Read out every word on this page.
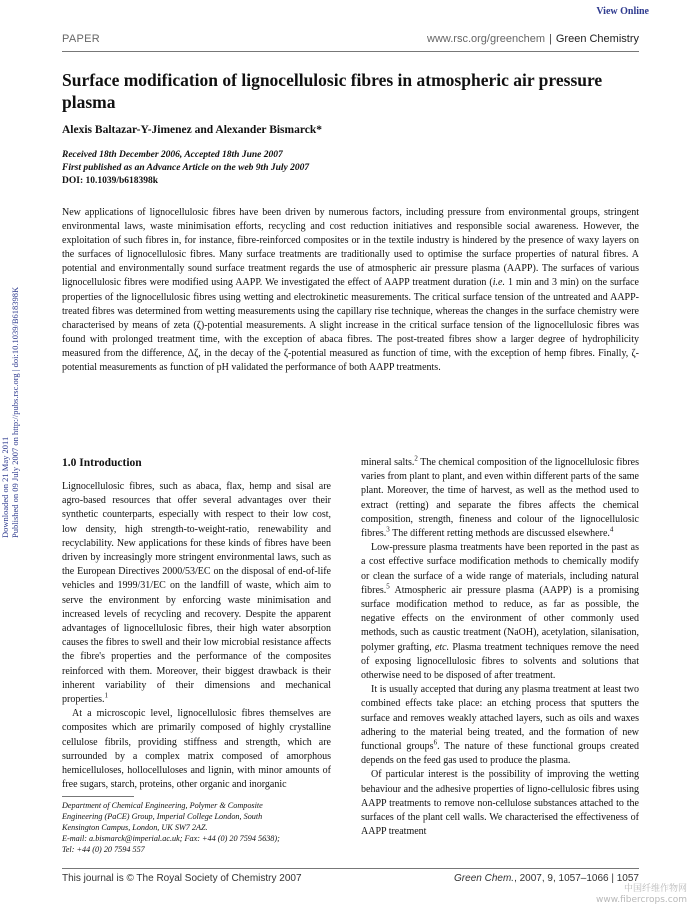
View Online
PAPER	www.rsc.org/greenchem | Green Chemistry
Surface modification of lignocellulosic fibres in atmospheric air pressure plasma
Alexis Baltazar-Y-Jimenez and Alexander Bismarck*
Received 18th December 2006, Accepted 18th June 2007
First published as an Advance Article on the web 9th July 2007
DOI: 10.1039/b618398k

New applications of lignocellulosic fibres have been driven by numerous factors, including pressure from environmental groups, stringent environmental laws, waste minimisation efforts, recycling and cost reduction initiatives and responsible social awareness. However, the exploitation of such fibres in, for instance, fibre-reinforced composites or in the textile industry is hindered by the presence of waxy layers on the surfaces of lignocellulosic fibres. Many surface treatments are traditionally used to optimise the surface properties of natural fibres. A potential and environmentally sound surface treatment regards the use of atmospheric air pressure plasma (AAPP). The surfaces of various lignocellulosic fibres were modified using AAPP. We investigated the effect of AAPP treatment duration (i.e. 1 min and 3 min) on the surface properties of the lignocellulosic fibres using wetting and electrokinetic measurements. The critical surface tension of the untreated and AAPP-treated fibres was determined from wetting measurements using the capillary rise technique, whereas the changes in the surface chemistry were characterised by means of zeta (ζ)-potential measurements. A slight increase in the critical surface tension of the lignocellulosic fibres was found with prolonged treatment time, with the exception of abaca fibres. The post-treated fibres show a larger degree of hydrophilicity measured from the difference, Δζ, in the decay of the ζ-potential measured as function of time, with the exception of hemp fibres. Finally, ζ-potential measurements as function of pH validated the performance of both AAPP treatments.

1.0 Introduction

Lignocellulosic fibres, such as abaca, flax, hemp and sisal are agro-based resources that offer several advantages over their synthetic counterparts, especially with respect to their low cost, low density, high strength-to-weight-ratio, renewability and recyclability. New applications for these kinds of fibres have been driven by increasingly more stringent environmental laws, such as the European Directives 2000/53/EC on the disposal of end-of-life vehicles and 1999/31/EC on the landfill of waste, which aim to serve the environment by enforcing waste minimisation and increased levels of recycling and recovery. Despite the apparent advantages of lignocellulosic fibres, their high water absorption causes the fibres to swell and their low microbial resistance affects the fibre's properties and the performance of the composites reinforced with them. Moreover, their biggest drawback is their inherent variability of their dimensions and mechanical properties.$^1$

At a microscopic level, lignocellulosic fibres themselves are composites which are primarily composed of highly crystalline cellulose fibrils, providing stiffness and strength, which are surrounded by a complex matrix composed of amorphous hemicelluloses, hollocelluloses and lignin, with minor amounts of free sugars, starch, proteins, other organic and inorganic

Department of Chemical Engineering, Polymer & Composite
Engineering (PaCE) Group, Imperial College London, South
Kensington Campus, London, UK SW7 2AZ.
E-mail: a.bismarck@imperial.ac.uk; Fax: +44 (0) 20 7594 5638);
Tel: +44 (0) 20 7594 557

mineral salts.$^2$ The chemical composition of the lignocellulosic fibres varies from plant to plant, and even within different parts of the same plant. Moreover, the time of harvest, as well as the method used to extract (retting) and separate the fibres affects the chemical composition, strength, fineness and colour of the lignocellulosic fibres.$^3$ The different retting methods are discussed elsewhere.$^4$

Low-pressure plasma treatments have been reported in the past as a cost effective surface modification methods to chemically modify or clean the surface of a wide range of materials, including natural fibres.$^5$ Atmospheric air pressure plasma (AAPP) is a promising surface modification method to reduce, as far as possible, the negative effects on the environment of other commonly used methods, such as caustic treatment (NaOH), acetylation, silanisation, polymer grafting, etc. Plasma treatment techniques remove the need of exposing lignocellulosic fibres to solvents and solutions that otherwise need to be disposed of after treatment.

It is usually accepted that during any plasma treatment at least two combined effects take place: an etching process that sputters the surface and removes weakly attached layers, such as oils and waxes adhering to the material being treated, and the formation of new functional groups$^6$. The nature of these functional groups created depends on the feed gas used to produce the plasma.

Of particular interest is the possibility of improving the wetting behaviour and the adhesive properties of ligno-cellulosic fibres using AAPP treatments to remove non-cellulose substances attached to the surfaces of the plant cell walls. We characterised the effectiveness of AAPP treatment

This journal is © The Royal Society of Chemistry 2007	Green Chem., 2007, 9, 1057–1066 | 1057
Downloaded on 21 May 2011 Published on 09 July 2007 on http://pubs.rsc.org | doi:10.1039/B618398K
中国纤维作物网
www.fibercrops.com
